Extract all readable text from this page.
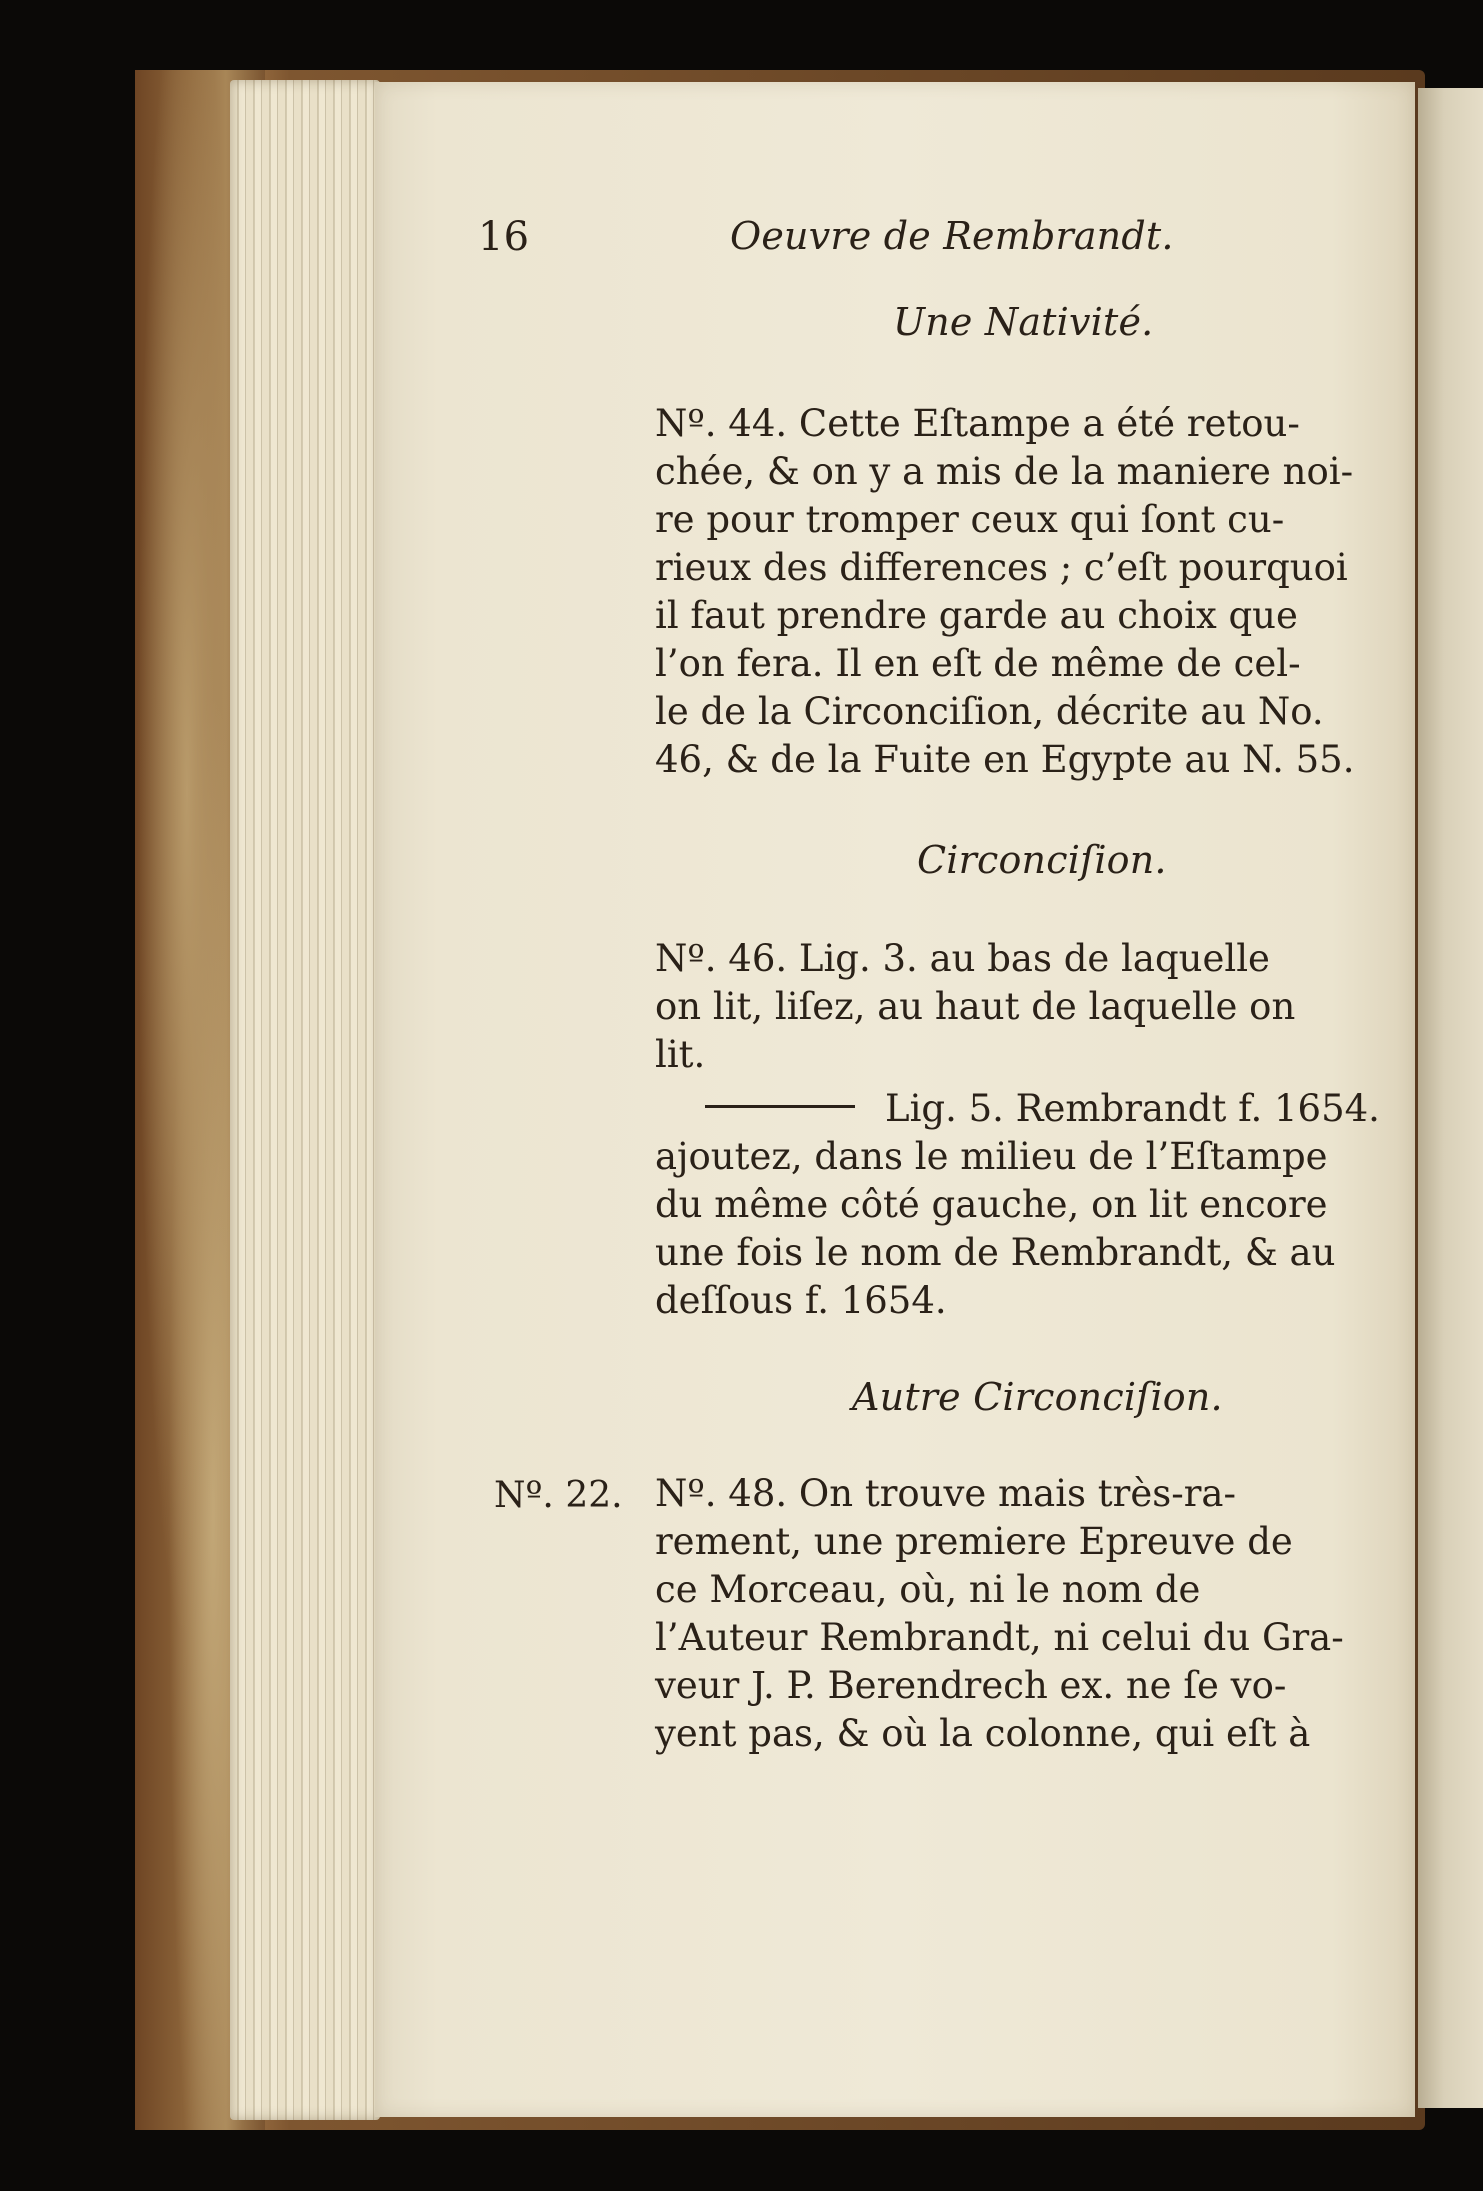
16	Oeuvre de Rembrandt.
Une Nativité.
Nº. 44. Cette Eſtampe a été retou-
chée, & on y a mis de la maniere noi-
re pour tromper ceux qui ſont cu-
rieux des differences ; c’eſt pourquoi
il faut prendre garde au choix que
l’on fera. Il en eſt de même de cel-
le de la Circonciſion, décrite au No.
46, & de la Fuite en Egypte au N. 55.
Circonciſion.
Nº. 46. Lig. 3. au bas de laquelle
on lit, liſez, au haut de laquelle on
lit.
Lig. 5. Rembrandt f. 1654.
ajoutez, dans le milieu de l’Eſtampe
du même côté gauche, on lit encore
une fois le nom de Rembrandt, & au
deſſous f. 1654.
Autre Circonciſion.
Nº. 22. Nº. 48. On trouve mais très-ra-
rement, une premiere Epreuve de
ce Morceau, où, ni le nom de
l’Auteur Rembrandt, ni celui du Gra-
veur J. P. Berendrech ex. ne ſe vo-
yent pas, & où la colonne, qui eſt à
